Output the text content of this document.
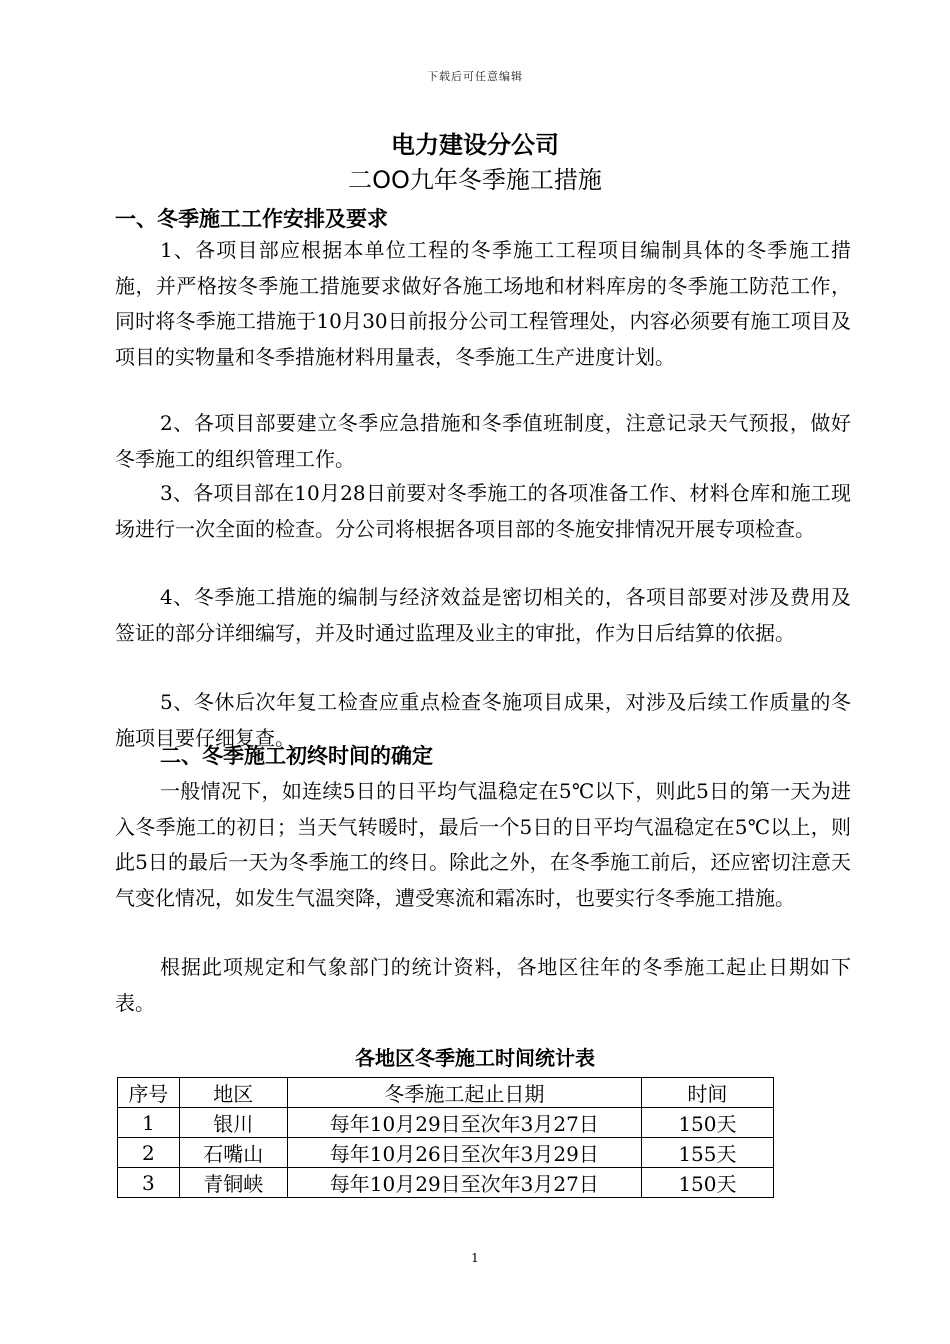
下载后可任意编辑
电力建设分公司
二OO九年冬季施工措施
一、冬季施工工作安排及要求

1、各项目部应根据本单位工程的冬季施工工程项目编制具体的冬季施工措施，并严格按冬季施工措施要求做好各施工场地和材料库房的冬季施工防范工作，同时将冬季施工措施于10月30日前报分公司工程管理处，内容必须要有施工项目及项目的实物量和冬季措施材料用量表，冬季施工生产进度计划。

2、各项目部要建立冬季应急措施和冬季值班制度，注意记录天气预报，做好冬季施工的组织管理工作。

3、各项目部在10月28日前要对冬季施工的各项准备工作、材料仓库和施工现场进行一次全面的检查。分公司将根据各项目部的冬施安排情况开展专项检查。

4、冬季施工措施的编制与经济效益是密切相关的，各项目部要对涉及费用及签证的部分详细编写，并及时通过监理及业主的审批，作为日后结算的依据。

5、冬休后次年复工检查应重点检查冬施项目成果，对涉及后续工作质量的冬施项目要仔细复查。

二、冬季施工初终时间的确定

一般情况下，如连续5日的日平均气温稳定在5℃以下，则此5日的第一天为进入冬季施工的初日；当天气转暖时，最后一个5日的日平均气温稳定在5℃以上，则此5日的最后一天为冬季施工的终日。除此之外，在冬季施工前后，还应密切注意天气变化情况，如发生气温突降，遭受寒流和霜冻时，也要实行冬季施工措施。

根据此项规定和气象部门的统计资料，各地区往年的冬季施工起止日期如下表。

各地区冬季施工时间统计表
序号	地区	冬季施工起止日期	时间
1	银川	每年10月29日至次年3月27日	150天
2	石嘴山	每年10月26日至次年3月29日	155天
3	青铜峡	每年10月29日至次年3月27日	150天
1
